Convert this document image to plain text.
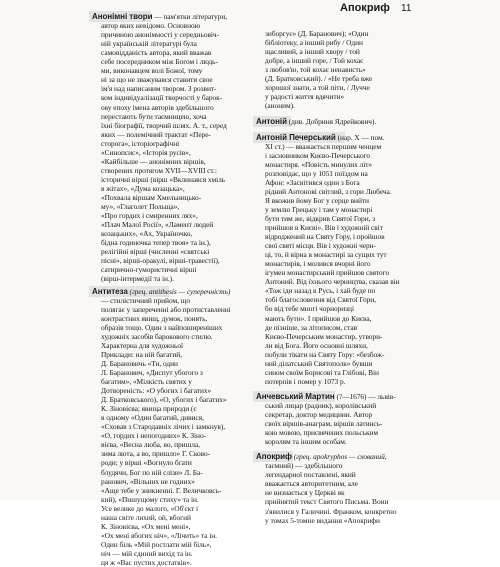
Апокриф 11
Анонімні твори — пам'ятки літератури,
автор яких невідомо. Основною
причиною анонімності у середньовіч-
ній українській літературі була
самовідданість автора, який вважав
себе посередником між Богом і людь-
ми, виконавцем волі Божої, тому
ні за що не зважувався ставити свое
ім'я над написаним твором. З розвит-
ком індивідуалізації творчості у барок-
ову епоху імена авторів здебільшого
перестають бути таємницею, хоча
їхні біографії, творчий шлях. А. т., серед
яких — полемічний трактат «Пере-
сторога», історіографічні
«Синопсис», «Історія русів»,
«Кайбільше — анонімних віршів,
створених протягом XVII—XVIII ст.:
історичні вірші (вірш «Вклинався хміль
в жітах», «Дума козацька»,
«Похвала віршам Хмельницько-
му», «Глаголет Польща»,
«Про гордих і смиренних лях»,
«Плач Малої Росії», «Ламент людей
козацьких», «Ах, Україночко,
бідна годиночка тепер твоя» та ін.),
релігійні вірші (численні «святські
пісні», вірші-оракулі, вірші-травестії),
сатирично-гумористичні вірші
(вірш-інтермедії та ін.).
Антитеза (грец. antithesis — суперечність)
— стилістичний прийом, що
полягає у запереченні або протиставленні
контрастних явищ, думок, понять,
образів тощо. Один з найпоширеніших
художніх засобів барокового стилю.
Характерна для художньої
Приклади: на ній багатий,
Д. Барановичь «Ти, один
Л. Баранович, «Диспут убогого з
багатим», «Мілкість святих у
Дотвореність: «О убогих і багатих»
Д. Братковського), «О, убогих і багатих»
К. Зіновієва; явища природи (є
в одному «Один багатий, дивися,
«Сховав з Стародавніх лічих і замкнув),
«О, гордих і непогодних» К. Зіно-
вієва, «Весна люба, во, пришла,
зима люта, а во, пришло» Г. Сково-
роди; у вірші «Вогнуло бгати
блудячи, Бог по ній слізи» Л. Ба-
ранович, «Вільних не годних»
«Аще тебе у зникненні. Г. Величковсь-
кий), «Пишущому стиху» та ін.
Усе велике до малого, «Об'єкт і
наша світе лихий, ой, вбогий
К. Зіновієва, «Ох мені мені»,
«Ох мені вбогих ніч», «Лічить» та ін.
Один біль «Мій ростлати мій біль»,
ніч — мій єдиний вихід та ін.
ця ж «Вас пустих достатків».
зиборгує» (Д. Баранович); «Один
бібліотеку, а інший рибу / Один
щасливий, а інший хвору / той
добре, а інший горе, / Той кохає
з любов'ю, той кохає ненависть»
(Д. Братковський). / «Не треба вже
хорошої знати, а той піти, / Лучче
у радості життя вдячити»
(аноним).
Антоній (див. Добриня Ядрейкович).
Антоній Печерський (нар. X — пом.
XI ст.) — вважається першим ченцем
і засновником Києво-Печерського
монастиря. «Повість минулих літ»
розповідає, що у 1051 поїздом на
Афон: «Засвітився один з Бога
рідний Антонові світлий, з гори Любеча.
Я вкожив йому Бог у серце вийти
у землю Грецьку і там у монастирі
бути тим же, відкрив Святої Гори, з
прийшов в Києві». Вів і художній світ
відроджений на Святу Гору, і пройшов
свої святі місця. Вів і художні черн-
ці, то, й вірна в монастирі за сущих тут
монастирів, і молився вчорні його
ігумен монастирський прийшов святого
Антоний. Від їхнього черництва, сказав він
«Тож іди назад в Русь, і хай буде по
тобі благословення від Святої Гори,
бо від тебе многі чорноризці
мають бути». І прийшов до Києва,
де пізніше, за літописом, став
Києво-Печерським монастир, утвори-
ли від Бога. Його основні шляхи,
побули тікати на Святу Гору: «безбож-
ний ділатський Святополк» бувши
сином своїм Борисові та Глібові, Він
потерпів і помер у 1073 р.
Анчевський Мартин (?—1676) — львів-
ський лицар (радник), королівський
секретар, доктор медицини. Автор
своїх віршів-анаграм, віршів латинсь-
кою мовою, присвячених польським
королям та іншим особам.
Апокриф (грец. apokryphos — схований,
таємний) — здебільшого
легендарної поставлені, який
вважається авторитетним, але
не визнається у Церкві як
прийнятий текст Святого Письма. Вони
з'явилися у Галичині. Франком, конкретно
у томах 5-томне видання «Апокрифи
